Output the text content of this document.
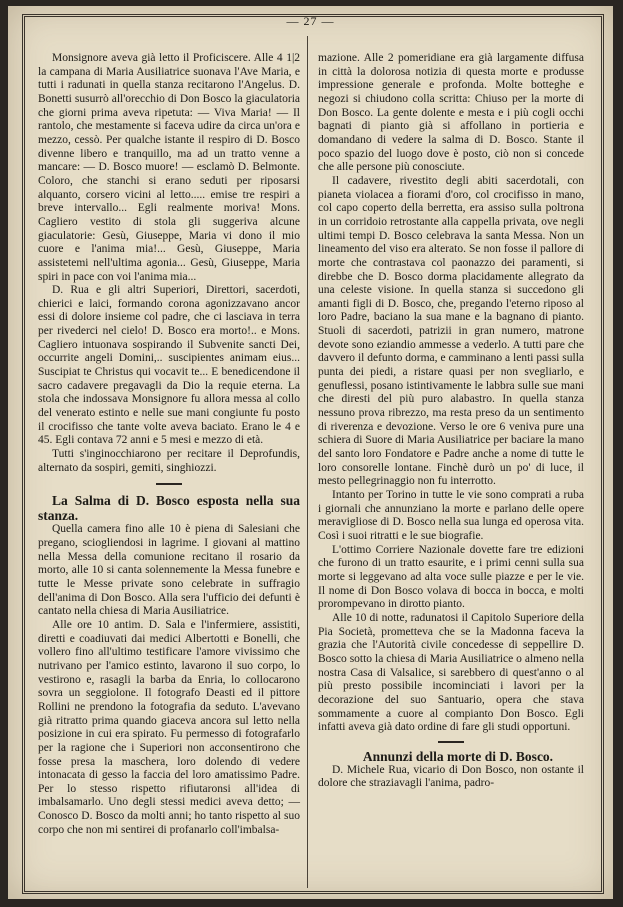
— 27 —

Monsignore aveva già letto il Proficiscere. Alle 4 1|2 la campana di Maria Ausiliatrice suonava l'Ave Maria, e tutti i radunati in quella stanza recitarono l'Angelus. D. Bonetti susurrò all'orecchio di Don Bosco la giaculatoria che giorni prima aveva ripetuta: — Viva Maria! — Il rantolo, che mestamente si faceva udire da circa un'ora e mezzo, cessò. Per qualche istante il respiro di D. Bosco divenne libero e tranquillo, ma ad un tratto venne a mancare: — D. Bosco muore! — esclamò D. Belmonte. Coloro, che stanchi si erano seduti per riposarsi alquanto, corsero vicini al letto..... emise tre respiri a breve intervallo... Egli realmente moriva! Mons. Cagliero vestito di stola gli suggeriva alcune giaculatorie: Gesù, Giuseppe, Maria vi dono il mio cuore e l'anima mia!... Gesù, Giuseppe, Maria assistetemi nell'ultima agonia... Gesù, Giuseppe, Maria spiri in pace con voi l'anima mia...

D. Rua e gli altri Superiori, Direttori, sacerdoti, chierici e laici, formando corona agonizzavano ancor essi di dolore insieme col padre, che ci lasciava in terra per rivederci nel cielo! D. Bosco era morto!.. e Mons. Cagliero intuonava sospirando il Subvenite sancti Dei, occurrite angeli Domini,.. suscipientes animam eius... Suscipiat te Christus qui vocavit te... E benedicendone il sacro cadavere pregavagli da Dio la requie eterna. La stola che indossava Monsignore fu allora messa al collo del venerato estinto e nelle sue mani congiunte fu posto il crocifisso che tante volte aveva baciato. Erano le 4 e 45. Egli contava 72 anni e 5 mesi e mezzo di età.

Tutti s'inginocchiarono per recitare il Deprofundis, alternato da sospiri, gemiti, singhiozzi.

La Salma di D. Bosco esposta nella sua stanza.

Quella camera fino alle 10 è piena di Salesiani che pregano, sciogliendosi in lagrime. I giovani al mattino nella Messa della comunione recitano il rosario da morto, alle 10 si canta solennemente la Messa funebre e tutte le Messe private sono celebrate in suffragio dell'anima di Don Bosco. Alla sera l'ufficio dei defunti è cantato nella chiesa di Maria Ausiliatrice.

Alle ore 10 antim. D. Sala e l'infermiere, assistiti, diretti e coadiuvati dai medici Albertotti e Bonelli, che vollero fino all'ultimo testificare l'amore vivissimo che nutrivano per l'amico estinto, lavarono il suo corpo, lo vestirono e, rasagli la barba da Enria, lo collocarono sovra un seggiolone. Il fotografo Deasti ed il pittore Rollini ne prendono la fotografia da seduto. L'avevano già ritratto prima quando giaceva ancora sul letto nella posizione in cui era spirato. Fu permesso di fotografarlo per la ragione che i Superiori non acconsentirono che fosse presa la maschera, loro dolendo di vedere intonacata di gesso la faccia del loro amatissimo Padre. Per lo stesso rispetto rifiutaronsi all'idea di imbalsamarlo. Uno degli stessi medici aveva detto; — Conosco D. Bosco da molti anni; ho tanto rispetto al suo corpo che non mi sentirei di profanarlo coll'imbalsa-

mazione. Alle 2 pomeridiane era già largamente diffusa in città la dolorosa notizia di questa morte e produsse impressione generale e profonda. Molte botteghe e negozi si chiudono colla scritta: Chiuso per la morte di Don Bosco. La gente dolente e mesta e i più cogli occhi bagnati di pianto già si affollano in portieria e domandano di vedere la salma di D. Bosco. Stante il poco spazio del luogo dove è posto, ciò non si concede che alle persone più conosciute.

Il cadavere, rivestito degli abiti sacerdotali, con pianeta violacea a fiorami d'oro, col crocifisso in mano, col capo coperto della berretta, era assiso sulla poltrona in un corridoio retrostante alla cappella privata, ove negli ultimi tempi D. Bosco celebrava la santa Messa. Non un lineamento del viso era alterato. Se non fosse il pallore di morte che contrastava col paonazzo dei paramenti, si direbbe che D. Bosco dorma placidamente allegrato da una celeste visione. In quella stanza si succedono gli amanti figli di D. Bosco, che, pregando l'eterno riposo al loro Padre, baciano la sua mane e la bagnano di pianto. Stuoli di sacerdoti, patrizii in gran numero, matrone devote sono eziandio ammesse a vederlo. A tutti pare che davvero il defunto dorma, e camminano a lenti passi sulla punta dei piedi, a ristare quasi per non svegliarlo, e genuflessi, posano istintivamente le labbra sulle sue mani che diresti del più puro alabastro. In quella stanza nessuno prova ribrezzo, ma resta preso da un sentimento di riverenza e devozione. Verso le ore 6 veniva pure una schiera di Suore di Maria Ausiliatrice per baciare la mano del santo loro Fondatore e Padre anche a nome di tutte le loro consorelle lontane. Finchè durò un po' di luce, il mesto pellegrinaggio non fu interrotto.

Intanto per Torino in tutte le vie sono comprati a ruba i giornali che annunziano la morte e parlano delle opere meravigliose di D. Bosco nella sua lunga ed operosa vita. Così i suoi ritratti e le sue biografie.

L'ottimo Corriere Nazionale dovette fare tre edizioni che furono di un tratto esaurite, e i primi cenni sulla sua morte si leggevano ad alta voce sulle piazze e per le vie. Il nome di Don Bosco volava di bocca in bocca, e molti prorompevano in dirotto pianto.

Alle 10 di notte, radunatosi il Capitolo Superiore della Pia Società, prometteva che se la Madonna faceva la grazia che l'Autorità civile concedesse di seppellire D. Bosco sotto la chiesa di Maria Ausiliatrice o almeno nella nostra Casa di Valsalice, si sarebbero di quest'anno o al più presto possibile incominciati i lavori per la decorazione del suo Santuario, opera che stava sommamente a cuore al compianto Don Bosco. Egli infatti aveva già dato ordine di fare gli studi opportuni.

Annunzi della morte di D. Bosco.

D. Michele Rua, vicario di Don Bosco, non ostante il dolore che straziavagli l'anima, padro-
